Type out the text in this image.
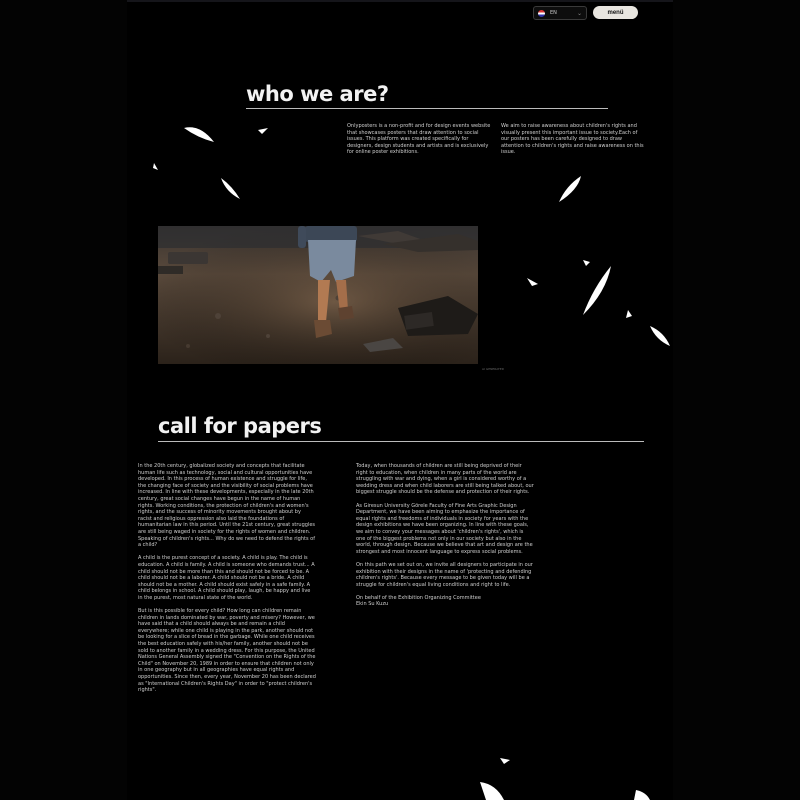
EN	⌄	menü
who we are?

Onlyposters is a non-profit and for design events website that showcases posters that draw attention to social issues. This platform was created specifically for designers, design students and artists and is exclusively for online poster exhibitions.

We aim to raise awareness about children's rights and visually present this important issue to society.Each of our posters has been carefully designed to draw attention to children's rights and raise awareness on this issue.

AI GENERATED
call for papers

In the 20th century, globalized society and concepts that facilitate human life such as technology, social and cultural opportunities have developed. In this process of human existence and struggle for life, the changing face of society and the visibility of social problems have increased. In line with these developments, especially in the late 20th century, great social changes have begun in the name of human rights. Working conditions, the protection of children's and women's rights, and the success of minority movements brought about by racist and religious oppression also laid the foundations of humanitarian law in this period. Until the 21st century, great struggles are still being waged in society for the rights of women and children. Speaking of children's rights... Why do we need to defend the rights of a child?

A child is the purest concept of a society. A child is play. The child is education. A child is family. A child is someone who demands trust... A child should not be more than this and should not be forced to be. A child should not be a laborer. A child should not be a bride. A child should not be a mother. A child should exist safely in a safe family. A child belongs in school. A child should play, laugh, be happy and live in the purest, most natural state of the world.

But is this possible for every child? How long can children remain children in lands dominated by war, poverty and misery? However, we have said that a child should always be and remain a child everywhere; while one child is playing in the park, another should not be looking for a slice of bread in the garbage. While one child receives the best education safely with his/her family, another should not be sold to another family in a wedding dress. For this purpose, the United Nations General Assembly signed the "Convention on the Rights of the Child" on November 20, 1989 in order to ensure that children not only in one geography but in all geographies have equal rights and opportunities. Since then, every year, November 20 has been declared as "International Children's Rights Day" in order to "protect children's rights".

Today, when thousands of children are still being deprived of their right to education, when children in many parts of the world are struggling with war and dying, when a girl is considered worthy of a wedding dress and when child laborers are still being talked about, our biggest struggle should be the defense and protection of their rights.

As Giresun University Görele Faculty of Fine Arts Graphic Design Department, we have been aiming to emphasize the importance of equal rights and freedoms of individuals in society for years with the design exhibitions we have been organizing. In line with these goals, we aim to convey your messages about 'children's rights', which is one of the biggest problems not only in our society but also in the world, through design. Because we believe that art and design are the strongest and most innocent language to express social problems.

On this path we set out on, we invite all designers to participate in our exhibition with their designs in the name of 'protecting and defending children's rights'. Because every message to be given today will be a struggle for children's equal living conditions and right to life.

On behalf of the Exhibition Organizing Committee
Ekin Su Kuzu
